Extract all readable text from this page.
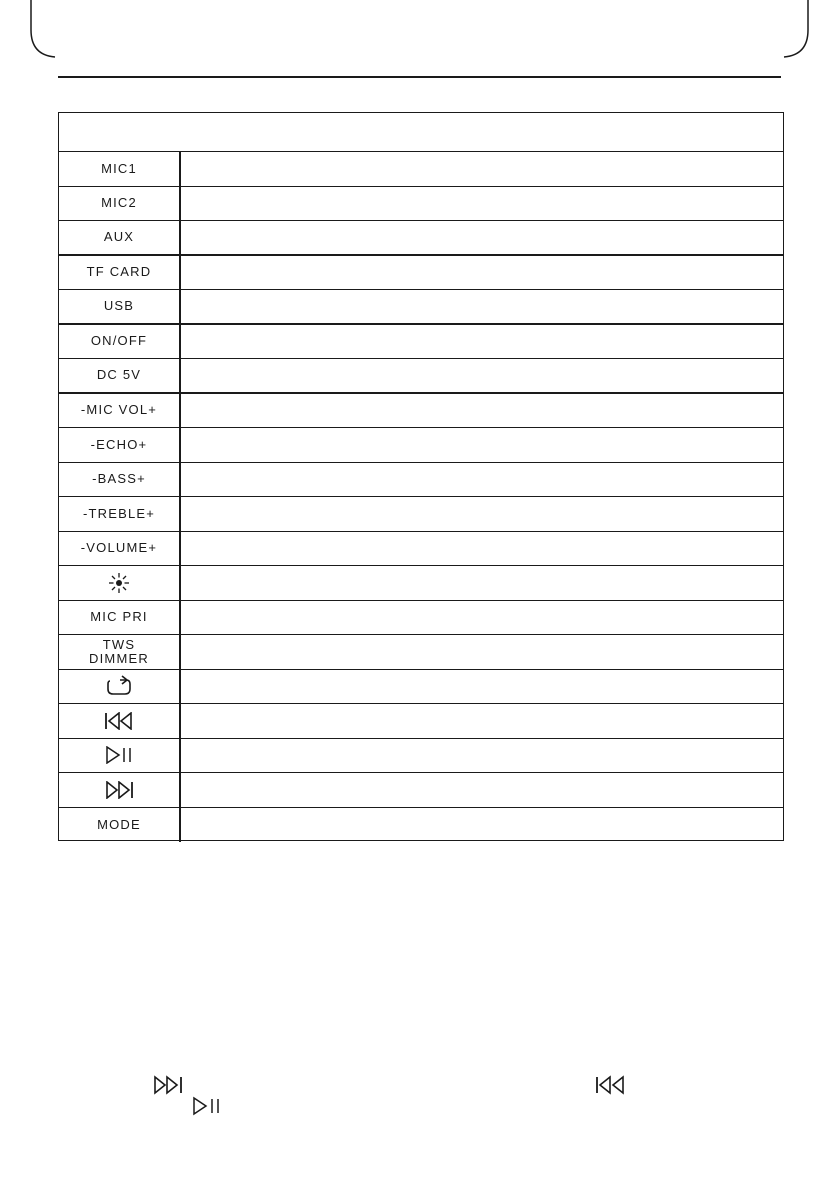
MIC1
MIC2
AUX
TF CARD
USB
ON/OFF
DC 5V
-MIC VOL+
-ECHO+
-BASS+
-TREBLE+
-VOLUME+
MIC PRI
TWS
DIMMER
MODE
